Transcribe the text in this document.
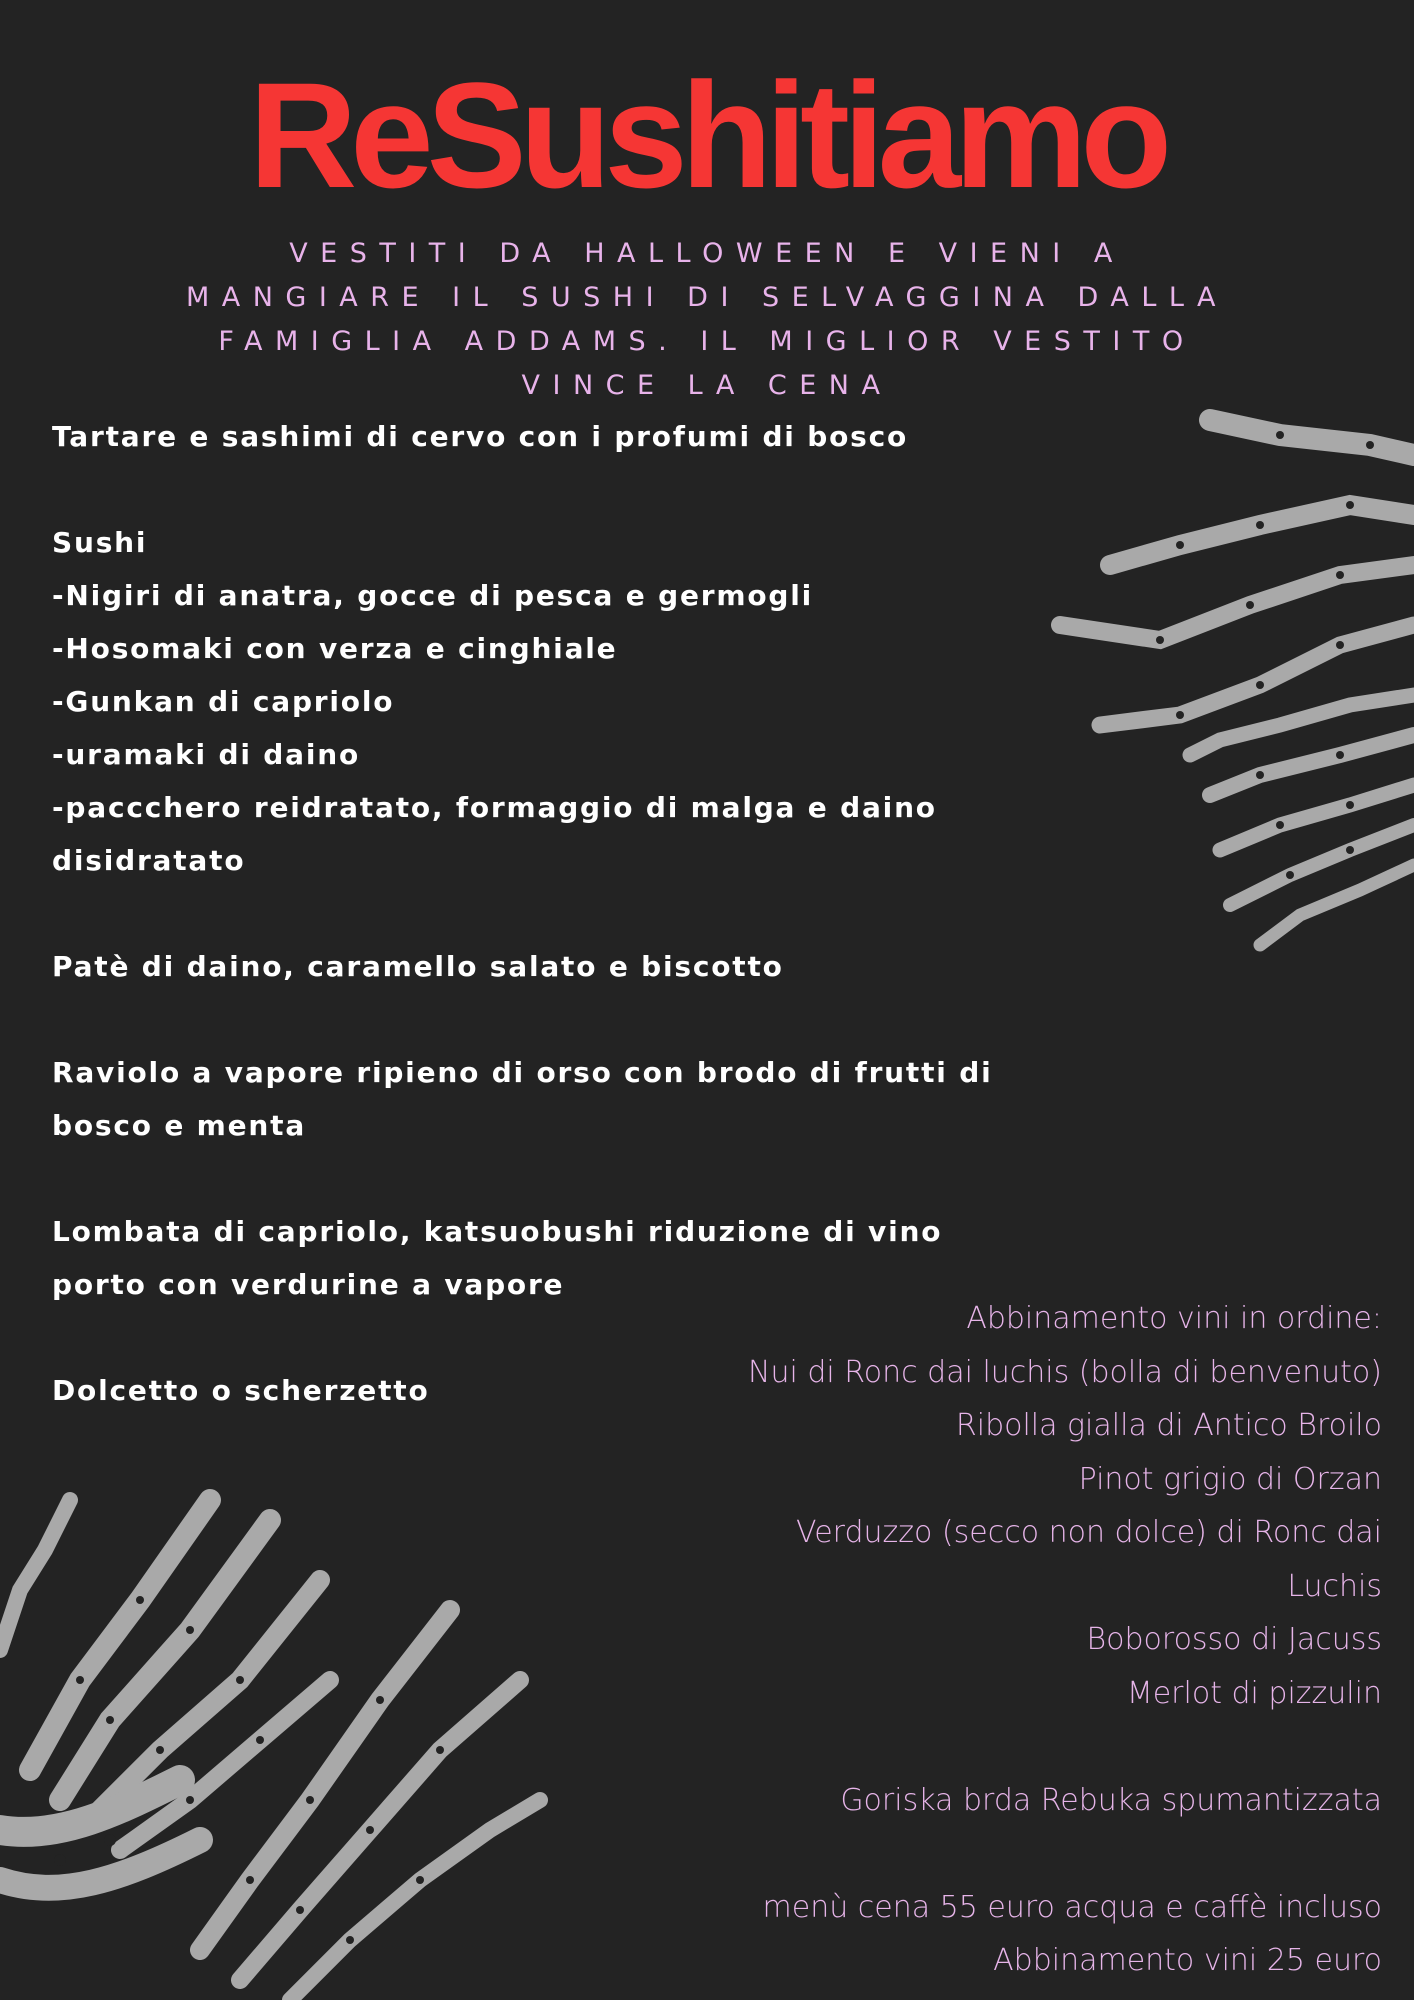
ReSushitiamo
VESTITI DA HALLOWEEN E VIENI A
MANGIARE IL SUSHI DI SELVAGGINA DALLA
FAMIGLIA ADDAMS. IL MIGLIOR VESTITO
VINCE LA CENA
Tartare e sashimi di cervo con i profumi di bosco
Sushi
-Nigiri di anatra, gocce di pesca e germogli
-Hosomaki con verza e cinghiale
-Gunkan di capriolo
-uramaki di daino
-paccchero reidratato, formaggio di malga e daino
disidratato
Patè di daino, caramello salato e biscotto
Raviolo a vapore ripieno di orso con brodo di frutti di
bosco e menta
Lombata di capriolo, katsuobushi riduzione di vino
porto con verdurine a vapore
Dolcetto o scherzetto
Abbinamento vini in ordine:
Nui di Ronc dai luchis (bolla di benvenuto)
Ribolla gialla di Antico Broilo
Pinot grigio di Orzan
Verduzzo (secco non dolce) di Ronc dai
Luchis
Boborosso di Jacuss
Merlot di pizzulin
Goriska brda Rebuka spumantizzata
menù cena 55 euro acqua e caffè incluso
Abbinamento vini 25 euro
